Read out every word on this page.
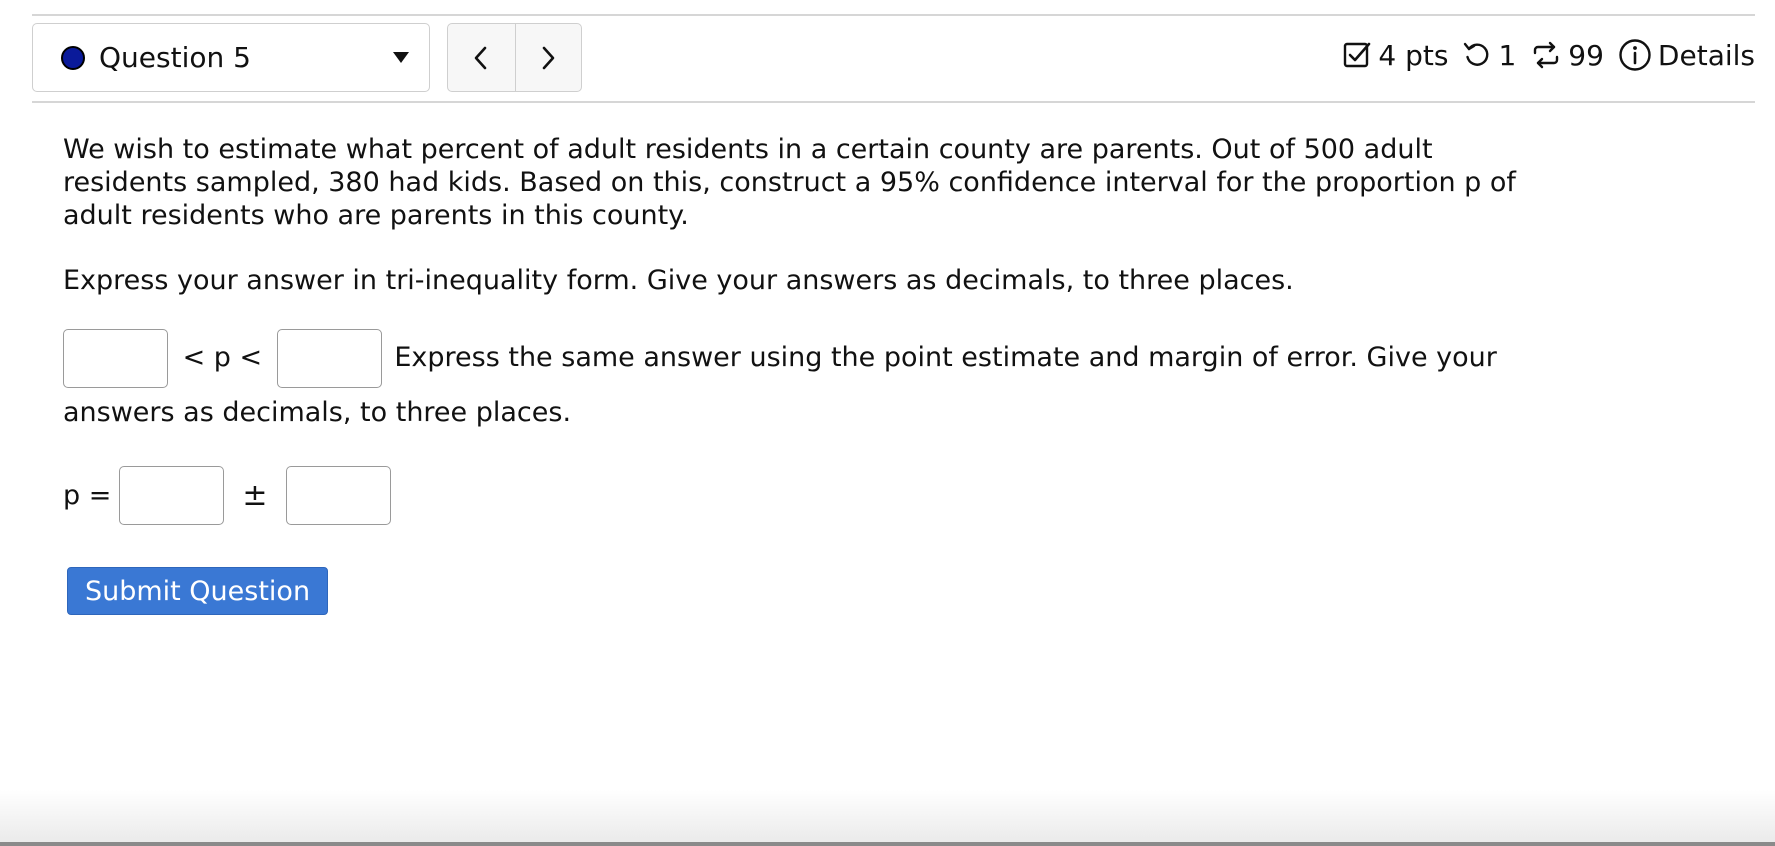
Question 5	4 pts 1 99 Details

We wish to estimate what percent of adult residents in a certain county are parents. Out of 500 adult residents sampled, 380 had kids. Based on this, construct a 95% confidence interval for the proportion p of adult residents who are parents in this county.

Express your answer in tri-inequality form. Give your answers as decimals, to three places.

< p <	Express the same answer using the point estimate and margin of error. Give your answers as decimals, to three places.
p =	±
Submit Question
